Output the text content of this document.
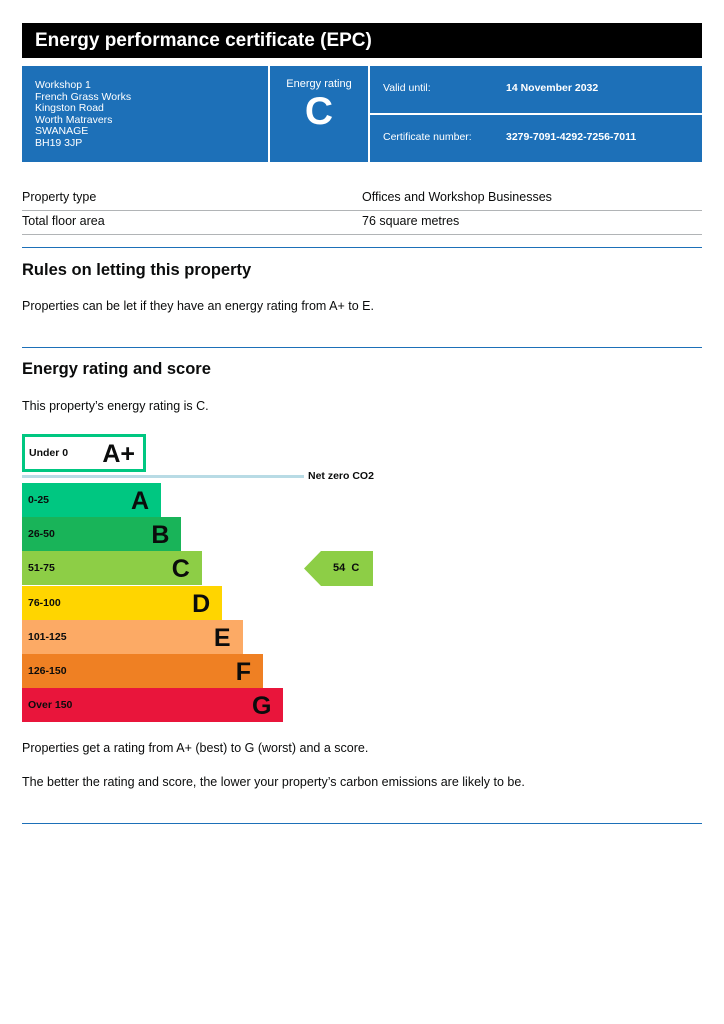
Energy performance certificate (EPC)
Workshop 1
French Grass Works
Kingston Road
Worth Matravers
SWANAGE
BH19 3JP
Energy rating
C
Valid until:	14 November 2032
Certificate number:	3279-7091-4292-7256-7011
Property type	Offices and Workshop Businesses
Total floor area	76 square metres
Rules on letting this property

Properties can be let if they have an energy rating from A+ to E.

Energy rating and score

This property’s energy rating is C.

Under 0 A+
Net zero CO2
0-25	A
26-50	B
51-75	C
76-100	D
101-125	E
126-150	F
Over 150	G
54 C

Properties get a rating from A+ (best) to G (worst) and a score.

The better the rating and score, the lower your property’s carbon emissions are likely to be.
